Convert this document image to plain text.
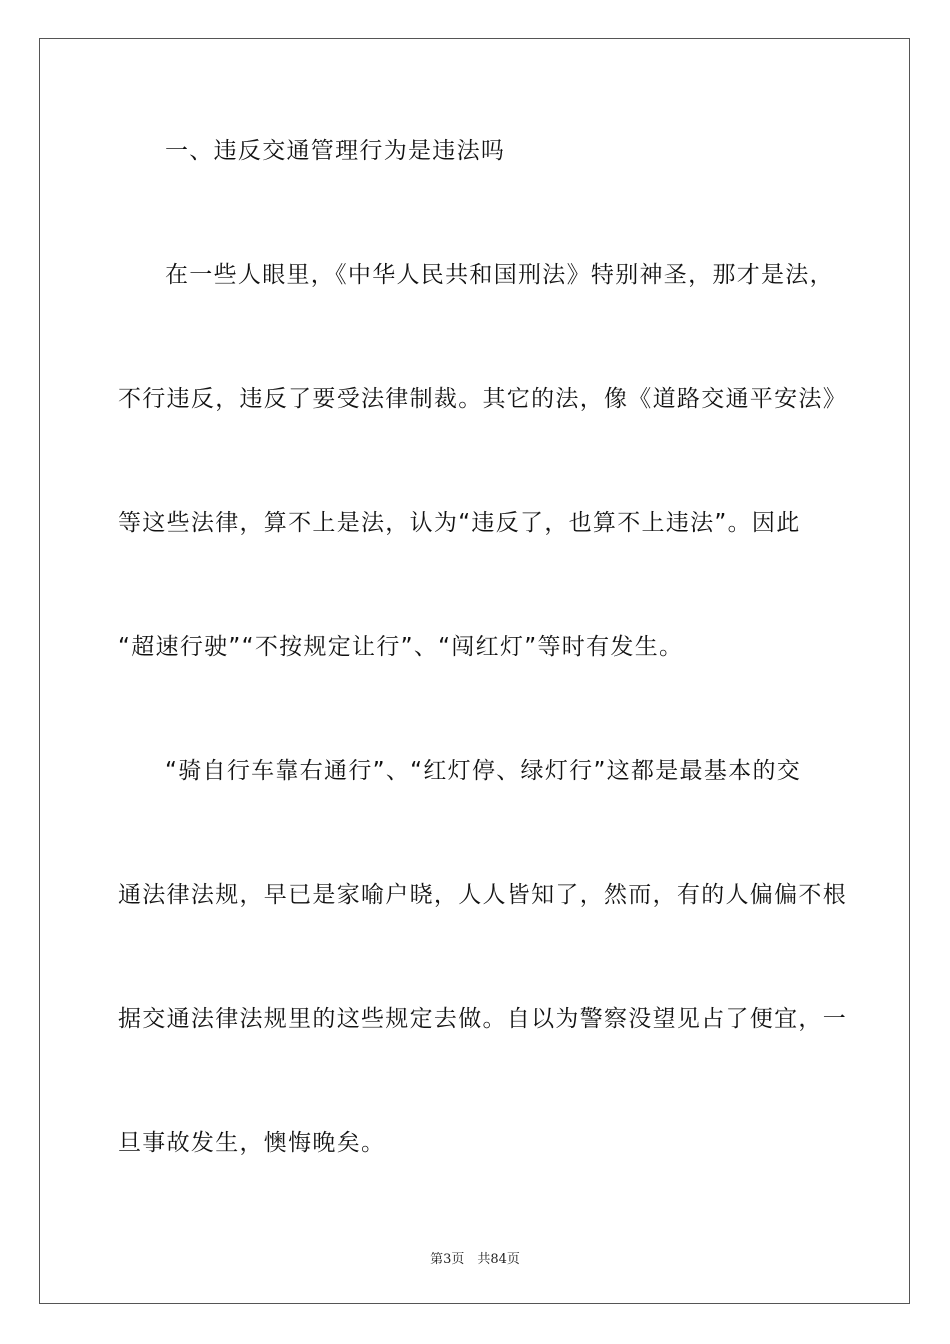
一、违反交通管理行为是违法吗
在一些人眼里，《中华人民共和国刑法》特别神圣，那才是法，
不行违反，违反了要受法律制裁。其它的法，像《道路交通平安法》
等这些法律，算不上是法，认为“违反了，也算不上违法”。因此
“超速行驶”“不按规定让行”、“闯红灯”等时有发生。
“骑自行车靠右通行”、“红灯停、绿灯行”这都是最基本的交
通法律法规，早已是家喻户晓，人人皆知了，然而，有的人偏偏不根
据交通法律法规里的这些规定去做。自以为警察没望见占了便宜，一
旦事故发生，懊悔晚矣。
第3页　共84页
